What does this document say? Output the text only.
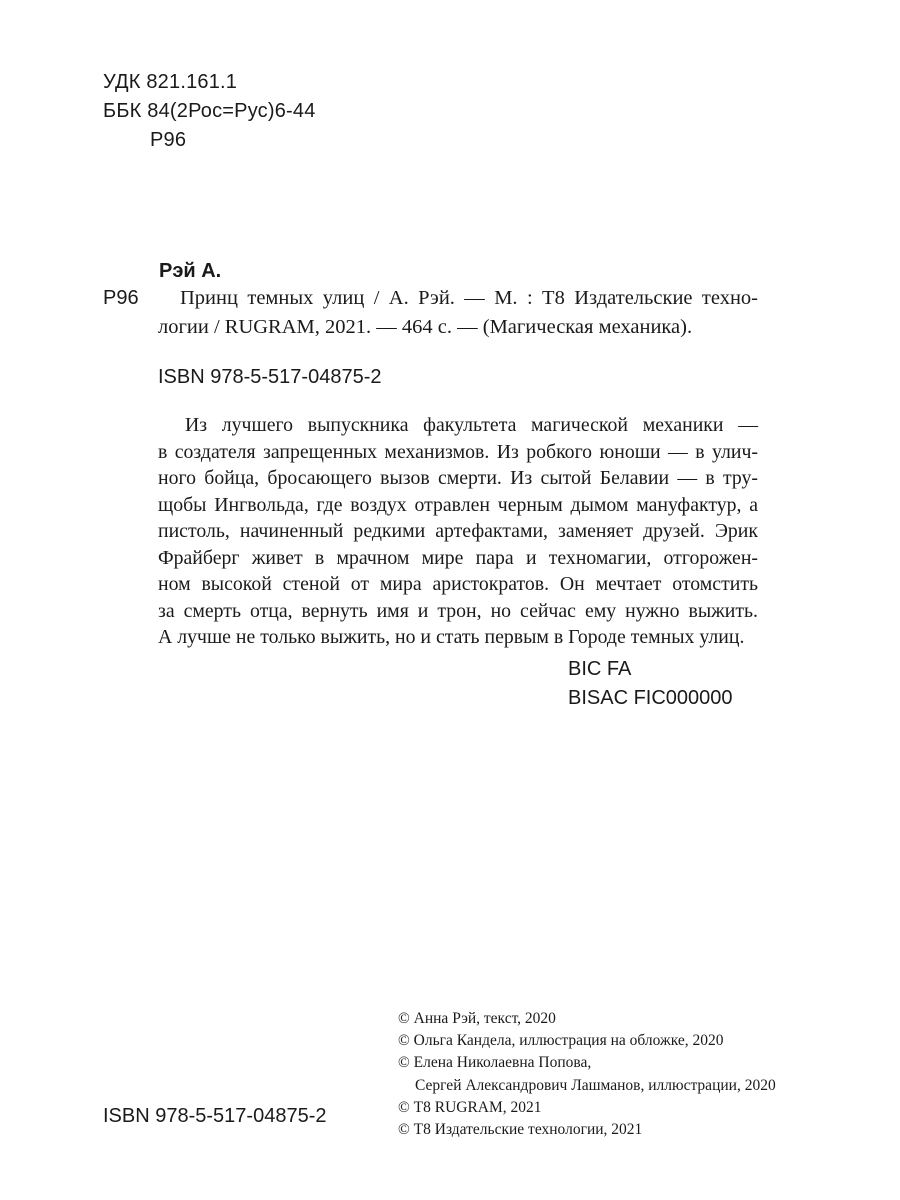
УДК 821.161.1
ББК 84(2Рос=Рус)6-44
Р96
Рэй А.
Р96 Принц темных улиц / А. Рэй. — М. : Т8 Издательские техно-
логии / RUGRAM, 2021. — 464 с. — (Магическая механика).
ISBN 978-5-517-04875-2
Из лучшего выпускника факультета магической механики —
в создателя запрещенных механизмов. Из робкого юноши — в улич-
ного бойца, бросающего вызов смерти. Из сытой Белавии — в тру-
щобы Ингвольда, где воздух отравлен черным дымом мануфактур, а
пистоль, начиненный редкими артефактами, заменяет друзей. Эрик
Фрайберг живет в мрачном мире пара и техномагии, отгорожен-
ном высокой стеной от мира аристократов. Он мечтает отомстить
за смерть отца, вернуть имя и трон, но сейчас ему нужно выжить.
А лучше не только выжить, но и стать первым в Городе темных улиц.
BIC FA
BISAC FIC000000
ISBN 978-5-517-04875-2
© Анна Рэй, текст, 2020
© Ольга Кандела, иллюстрация на обложке, 2020
© Елена Николаевна Попова,
Сергей Александрович Лашманов, иллюстрации, 2020
© Т8 RUGRAM, 2021
© Т8 Издательские технологии, 2021
